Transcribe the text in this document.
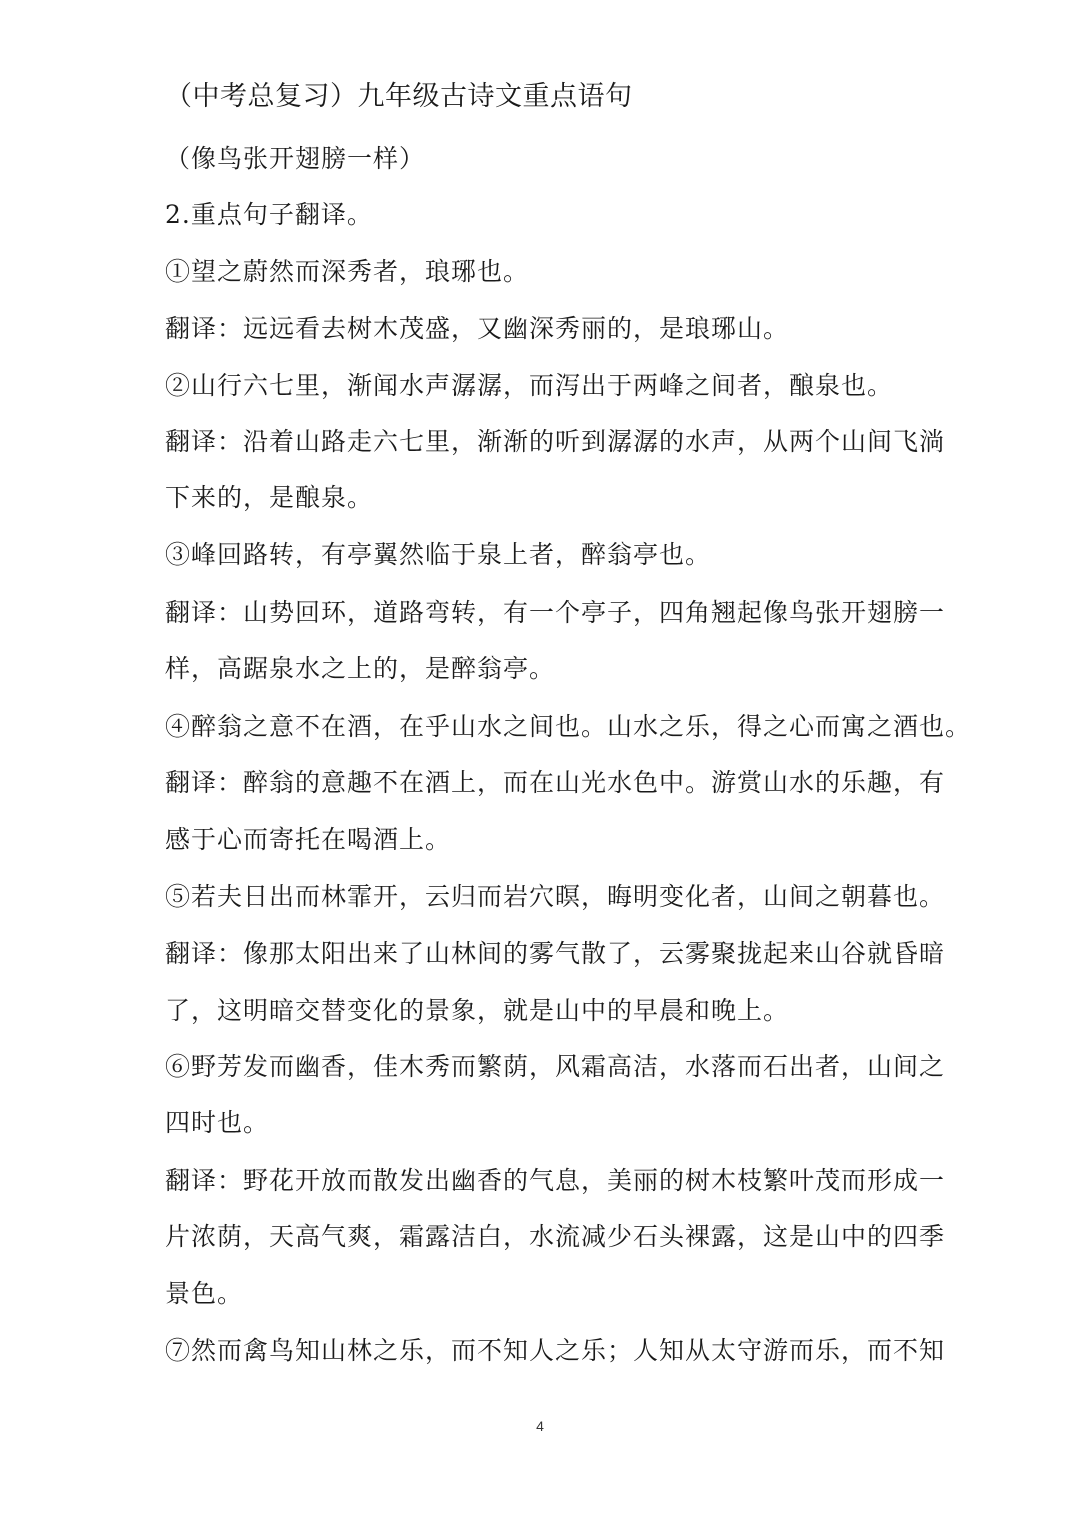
（中考总复习）九年级古诗文重点语句
（像鸟张开翅膀一样）
2.重点句子翻译。
①望之蔚然而深秀者，琅琊也。
翻译：远远看去树木茂盛，又幽深秀丽的，是琅琊山。
②山行六七里，渐闻水声潺潺，而泻出于两峰之间者，酿泉也。
翻译：沿着山路走六七里，渐渐的听到潺潺的水声，从两个山间飞淌
下来的，是酿泉。
③峰回路转，有亭翼然临于泉上者，醉翁亭也。
翻译：山势回环，道路弯转，有一个亭子，四角翘起像鸟张开翅膀一
样，高踞泉水之上的，是醉翁亭。
④醉翁之意不在酒，在乎山水之间也。山水之乐，得之心而寓之酒也。
翻译：醉翁的意趣不在酒上，而在山光水色中。游赏山水的乐趣，有
感于心而寄托在喝酒上。
⑤若夫日出而林霏开，云归而岩穴暝，晦明变化者，山间之朝暮也。
翻译：像那太阳出来了山林间的雾气散了，云雾聚拢起来山谷就昏暗
了，这明暗交替变化的景象，就是山中的早晨和晚上。
⑥野芳发而幽香，佳木秀而繁荫，风霜高洁，水落而石出者，山间之
四时也。
翻译：野花开放而散发出幽香的气息，美丽的树木枝繁叶茂而形成一
片浓荫，天高气爽，霜露洁白，水流减少石头裸露，这是山中的四季
景色。
⑦然而禽鸟知山林之乐，而不知人之乐；人知从太守游而乐，而不知
4
